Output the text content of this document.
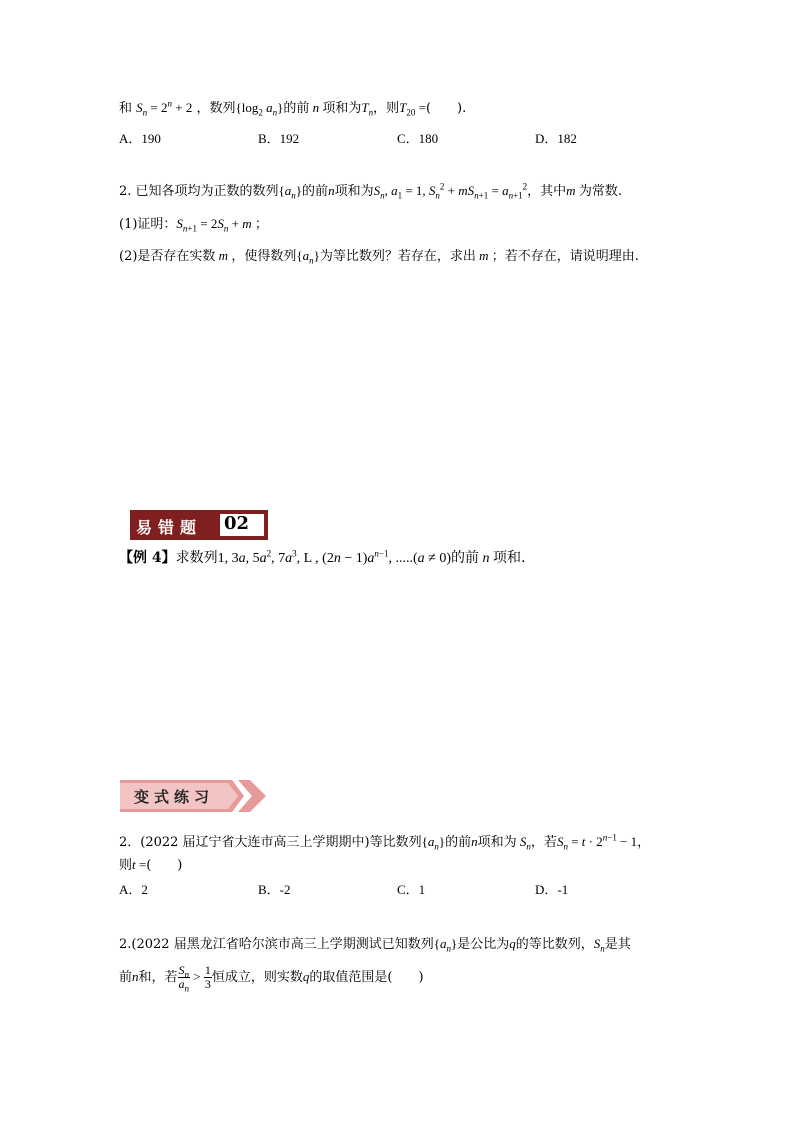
和 $S_n = 2^n + 2$ ，数列{$\log_2$ $a_n$}的前 n 项和为$T_n$，则$T_{20}$ =(　　).
A．190	B．192	C．180	D．182
2. 已知各项均为正数的数列$\{a_n\}$的前n项和为$S_n$, $a_1 = 1$, $S_n^2 + mS_{n+1} = a_{n+1}^2$，其中m 为常数.
(1)证明：$S_{n+1} = 2S_n + m$ ；
(2)是否存在实数 m ，使得数列$\{a_n\}$为等比数列？若存在，求出 m ；若不存在，请说明理由.
易错题 02
【例 4】求数列1, 3a, $5a^2$, $7a^3$, L , $(2n - 1)a^{n-1}$, .....(a ≠ 0)的前 n 项和.
变式练习
2．(2022 届辽宁省大连市高三上学期期中)等比数列$\{a_n\}$的前n项和为 $S_n$，若$S_n = t \cdot 2^{n-1} - 1$，
则t =(　　)
A．2	B．-2	C．1	D．-1
2.(2022 届黑龙江省哈尔滨市高三上学期测试已知数列$\{a_n\}$是公比为q的等比数列，$S_n$是其
前n和，若 $\frac{S_n}{a_n} > \frac{1}{3}$ 恒成立，则实数q的取值范围是(　　)
